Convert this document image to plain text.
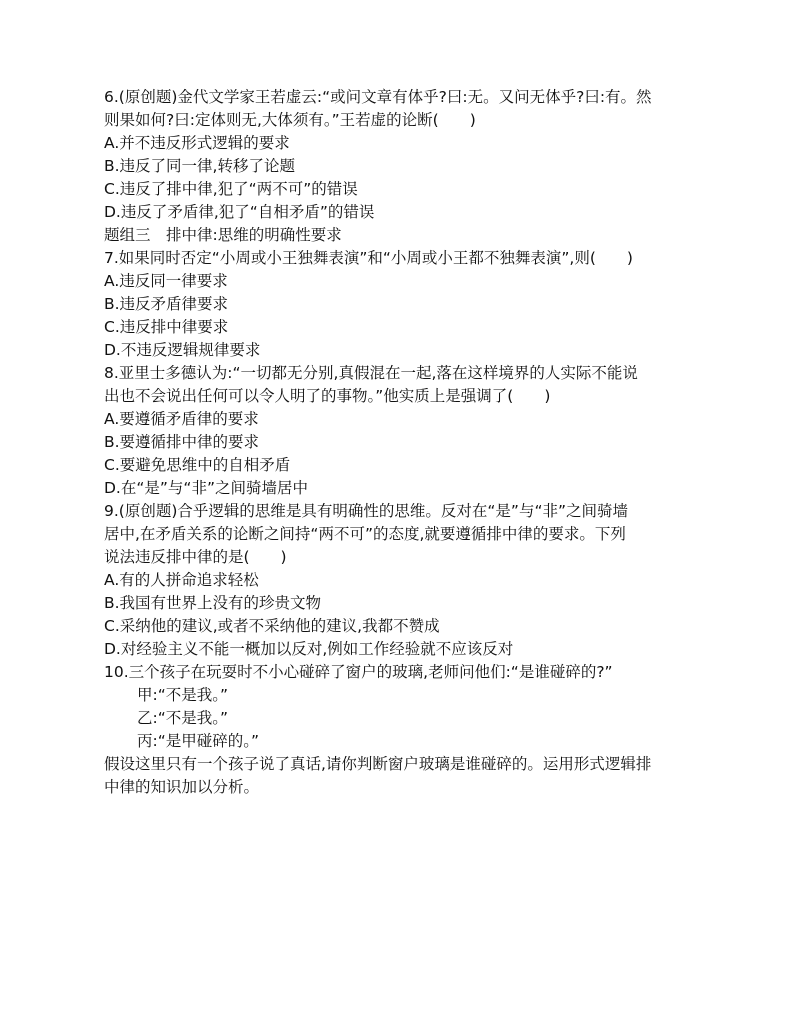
6.(原创题)金代文学家王若虚云:“或问文章有体乎?曰:无。又问无体乎?曰:有。然
则果如何?曰:定体则无,大体须有。”王若虚的论断(　　)
A.并不违反形式逻辑的要求
B.违反了同一律,转移了论题
C.违反了排中律,犯了“两不可”的错误
D.违反了矛盾律,犯了“自相矛盾”的错误
题组三　排中律:思维的明确性要求
7.如果同时否定“小周或小王独舞表演”和“小周或小王都不独舞表演”,则(　　)
A.违反同一律要求
B.违反矛盾律要求
C.违反排中律要求
D.不违反逻辑规律要求
8.亚里士多德认为:“一切都无分别,真假混在一起,落在这样境界的人实际不能说
出也不会说出任何可以令人明了的事物。”他实质上是强调了(　　)
A.要遵循矛盾律的要求
B.要遵循排中律的要求
C.要避免思维中的自相矛盾
D.在“是”与“非”之间骑墙居中
9.(原创题)合乎逻辑的思维是具有明确性的思维。反对在“是”与“非”之间骑墙
居中,在矛盾关系的论断之间持“两不可”的态度,就要遵循排中律的要求。下列
说法违反排中律的是(　　)
A.有的人拼命追求轻松
B.我国有世界上没有的珍贵文物
C.采纳他的建议,或者不采纳他的建议,我都不赞成
D.对经验主义不能一概加以反对,例如工作经验就不应该反对
10.三个孩子在玩耍时不小心碰碎了窗户的玻璃,老师问他们:“是谁碰碎的?”
甲:“不是我。”
乙:“不是我。”
丙:“是甲碰碎的。”
假设这里只有一个孩子说了真话,请你判断窗户玻璃是谁碰碎的。运用形式逻辑排
中律的知识加以分析。
